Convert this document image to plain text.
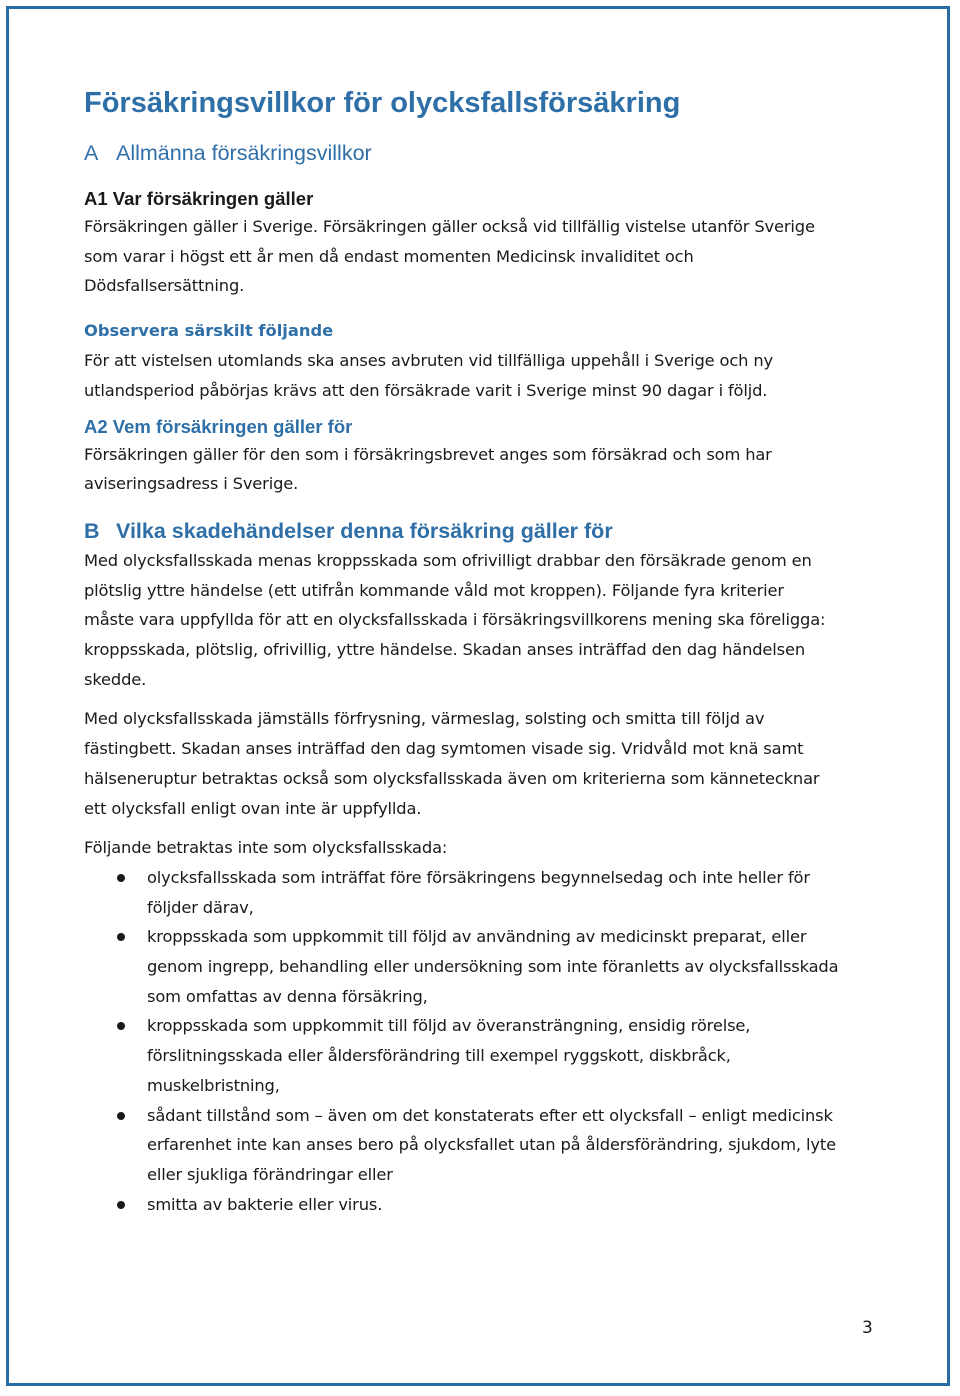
Försäkringsvillkor för olycksfallsförsäkring
A Allmänna försäkringsvillkor
A1 Var försäkringen gäller
Försäkringen gäller i Sverige. Försäkringen gäller också vid tillfällig vistelse utanför Sverige
som varar i högst ett år men då endast momenten Medicinsk invaliditet och
Dödsfallsersättning.
Observera särskilt följande
För att vistelsen utomlands ska anses avbruten vid tillfälliga uppehåll i Sverige och ny
utlandsperiod påbörjas krävs att den försäkrade varit i Sverige minst 90 dagar i följd.
A2 Vem försäkringen gäller för
Försäkringen gäller för den som i försäkringsbrevet anges som försäkrad och som har
aviseringsadress i Sverige.
B Vilka skadehändelser denna försäkring gäller för
Med olycksfallsskada menas kroppsskada som ofrivilligt drabbar den försäkrade genom en
plötslig yttre händelse (ett utifrån kommande våld mot kroppen). Följande fyra kriterier
måste vara uppfyllda för att en olycksfallsskada i försäkringsvillkorens mening ska föreligga:
kroppsskada, plötslig, ofrivillig, yttre händelse. Skadan anses inträffad den dag händelsen
skedde.
Med olycksfallsskada jämställs förfrysning, värmeslag, solsting och smitta till följd av
fästingbett. Skadan anses inträffad den dag symtomen visade sig. Vridvåld mot knä samt
hälseneruptur betraktas också som olycksfallsskada även om kriterierna som kännetecknar
ett olycksfall enligt ovan inte är uppfyllda.
Följande betraktas inte som olycksfallsskada:
olycksfallsskada som inträffat före försäkringens begynnelsedag och inte heller för
följder därav,
kroppsskada som uppkommit till följd av användning av medicinskt preparat, eller
genom ingrepp, behandling eller undersökning som inte föranletts av olycksfallsskada
som omfattas av denna försäkring,
kroppsskada som uppkommit till följd av överansträngning, ensidig rörelse,
förslitningsskada eller åldersförändring till exempel ryggskott, diskbråck,
muskelbristning,
sådant tillstånd som – även om det konstaterats efter ett olycksfall – enligt medicinsk
erfarenhet inte kan anses bero på olycksfallet utan på åldersförändring, sjukdom, lyte
eller sjukliga förändringar eller
smitta av bakterie eller virus.
3
